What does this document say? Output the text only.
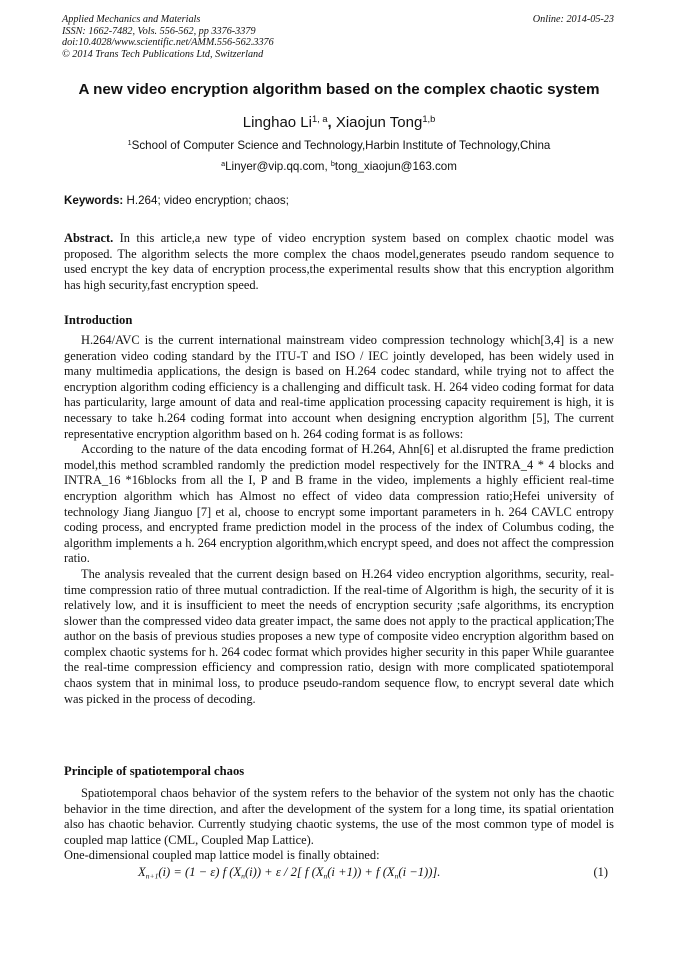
Applied Mechanics and Materials
ISSN: 1662-7482, Vols. 556-562, pp 3376-3379
doi:10.4028/www.scientific.net/AMM.556-562.3376
© 2014 Trans Tech Publications Ltd, Switzerland
Online: 2014-05-23
A new video encryption algorithm based on the complex chaotic system
Linghao Li$^{1, a}$, Xiaojun Tong$^{1,b}$
$^1$School of Computer Science and Technology,Harbin Institute of Technology,China
$^a$Linyer@vip.qq.com, $^b$tong_xiaojun@163.com
Keywords: H.264; video encryption; chaos;
Abstract. In this article,a new type of video encryption system based on complex chaotic model was proposed. The algorithm selects the more complex the chaos model,generates pseudo random sequence to used encrypt the key data of encryption process,the experimental results show that this encryption algorithm has high security,fast encryption speed.
Introduction

H.264/AVC is the current international mainstream video compression technology which[3,4] is a new generation video coding standard by the ITU-T and ISO / IEC jointly developed, has been widely used in many multimedia applications, the design is based on H.264 codec standard, while trying not to affect the encryption algorithm coding efficiency is a challenging and difficult task. H. 264 video coding format for data has particularity, large amount of data and real-time application processing capacity requirement is high, it is necessary to take h.264 coding format into account when designing encryption algorithm [5], The current representative encryption algorithm based on h. 264 coding format is as follows:

According to the nature of the data encoding format of H.264, Ahn[6] et al.disrupted the frame prediction model,this method scrambled randomly the prediction model respectively for the INTRA_4 * 4 blocks and INTRA_16 *16blocks from all the I, P and B frame in the video, implements a highly efficient real-time encryption algorithm which has Almost no effect of video data compression ratio;Hefei university of technology Jiang Jianguo [7] et al, choose to encrypt some important parameters in h. 264 CAVLC entropy coding process, and encrypted frame prediction model in the process of the index of Columbus coding, the algorithm implements a h. 264 encryption algorithm,which encrypt speed, and does not affect the compression ratio.

The analysis revealed that the current design based on H.264 video encryption algorithms, security, real-time compression ratio of three mutual contradiction. If the real-time of Algorithm is high, the security of it is relatively low, and it is insufficient to meet the needs of encryption security ;safe algorithms, its encryption slower than the compressed video data greater impact, the same does not apply to the practical application;The author on the basis of previous studies proposes a new type of composite video encryption algorithm based on complex chaotic systems for h. 264 codec format which provides higher security in this paper While guarantee the real-time compression efficiency and compression ratio, design with more complicated spatiotemporal chaos system that in minimal loss, to produce pseudo-random sequence flow, to encrypt several date which was picked in the process of decoding.

Principle of spatiotemporal chaos

Spatiotemporal chaos behavior of the system refers to the behavior of the system not only has the chaotic behavior in the time direction, and after the development of the system for a long time, its spatial orientation also has chaotic behavior. Currently studying chaotic systems, the use of the most common type of model is coupled map lattice (CML, Coupled Map Lattice).

One-dimensional coupled map lattice model is finally obtained:

$X_{n+1}(i) = (1 - \varepsilon)$ f $(X_n(i)) + \varepsilon / 2$[ f $(X_n(i +1)) + f$ $(X_n(i -1))$].	(1)
